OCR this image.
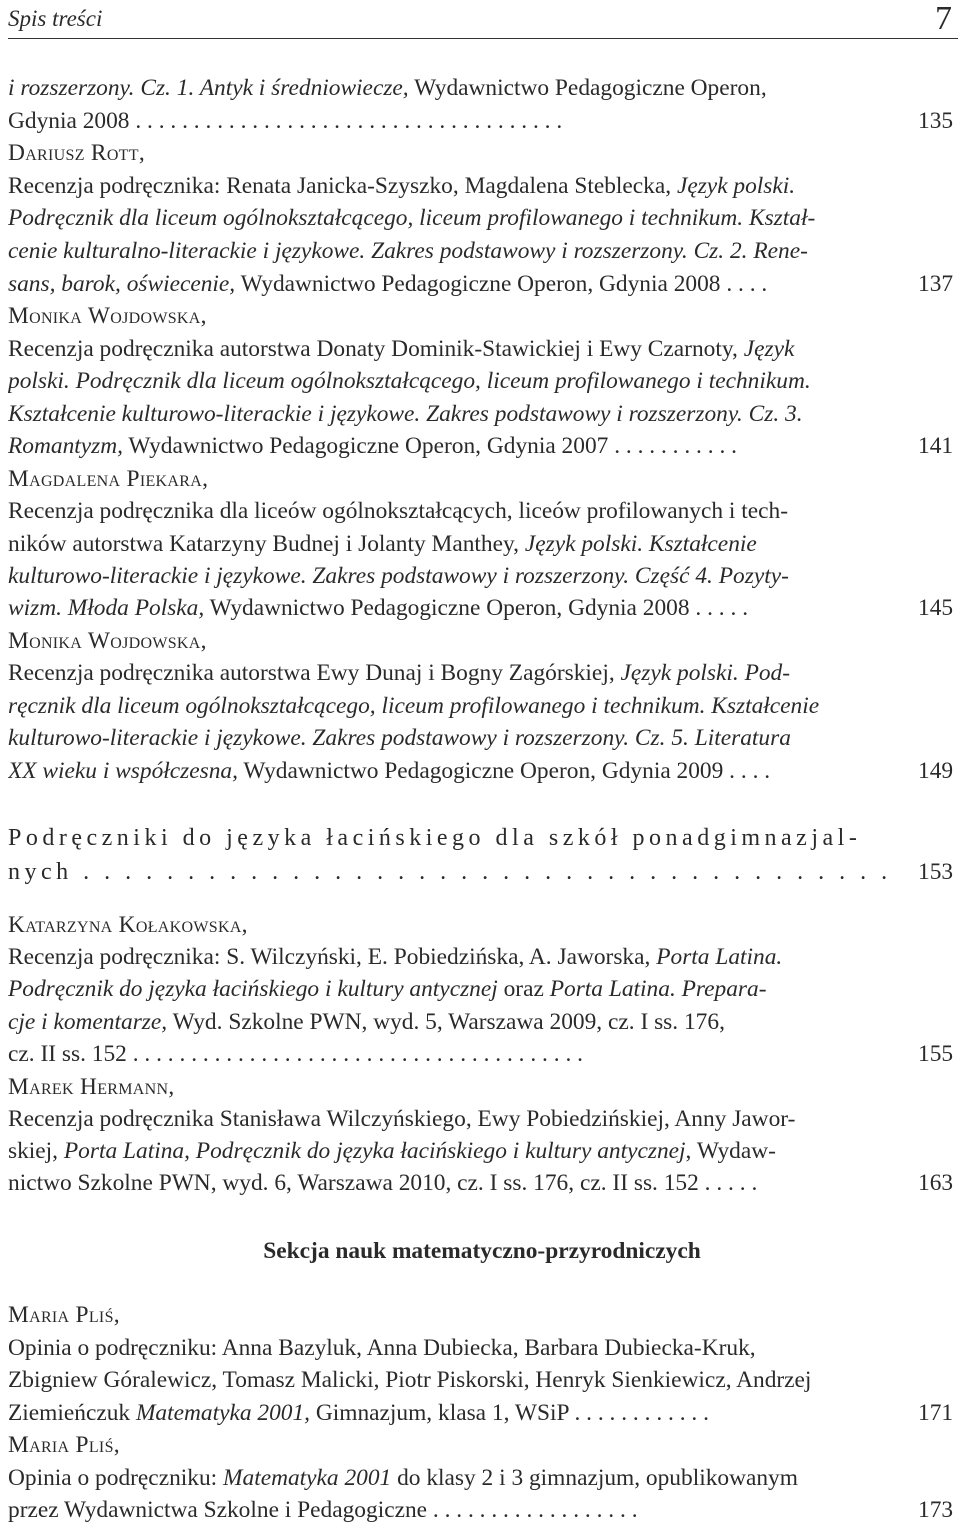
Spis treści	7
i rozszerzony. Cz. 1. Antyk i średniowiecze, Wydawnictwo Pedagogiczne Operon,
Gdynia 2008 . . . . . . . . . . . . . . . . . . . . . . . . . . . . . . . . . . . . .	135
Dariusz Rott,
Recenzja podręcznika: Renata Janicka-Szyszko, Magdalena Steblecka, Język polski.
Podręcznik dla liceum ogólnokształcącego, liceum profilowanego i technikum. Kształ-
cenie kulturalno-literackie i językowe. Zakres podstawowy i rozszerzony. Cz. 2. Rene-
sans, barok, oświecenie, Wydawnictwo Pedagogiczne Operon, Gdynia 2008 . . . .	137
Monika Wojdowska,
Recenzja podręcznika autorstwa Donaty Dominik-Stawickiej i Ewy Czarnoty, Język
polski. Podręcznik dla liceum ogólnokształcącego, liceum profilowanego i technikum.
Kształcenie kulturowo-literackie i językowe. Zakres podstawowy i rozszerzony. Cz. 3.
Romantyzm, Wydawnictwo Pedagogiczne Operon, Gdynia 2007 . . . . . . . . . . .	141
Magdalena Piekara,
Recenzja podręcznika dla liceów ogólnokształcących, liceów profilowanych i tech-
ników autorstwa Katarzyny Budnej i Jolanty Manthey, Język polski. Kształcenie
kulturowo-literackie i językowe. Zakres podstawowy i rozszerzony. Część 4. Pozyty-
wizm. Młoda Polska, Wydawnictwo Pedagogiczne Operon, Gdynia 2008 . . . . .	145
Monika Wojdowska,
Recenzja podręcznika autorstwa Ewy Dunaj i Bogny Zagórskiej, Język polski. Pod-
ręcznik dla liceum ogólnokształcącego, liceum profilowanego i technikum. Kształcenie
kulturowo-literackie i językowe. Zakres podstawowy i rozszerzony. Cz. 5. Literatura
XX wieku i współczesna, Wydawnictwo Pedagogiczne Operon, Gdynia 2009 . . . .	149
Podręczniki do języka łacińskiego dla szkół ponadgimnazjal-
nych . . . . . . . . . . . . . . . . . . . . . . . . . . . . . . . . . . . . . . . 153
Katarzyna Kołakowska,
Recenzja podręcznika: S. Wilczyński, E. Pobiedzińska, A. Jaworska, Porta Latina.
Podręcznik do języka łacińskiego i kultury antycznej oraz Porta Latina. Prepara-
cje i komentarze, Wyd. Szkolne PWN, wyd. 5, Warszawa 2009, cz. I ss. 176,
cz. II ss. 152 . . . . . . . . . . . . . . . . . . . . . . . . . . . . . . . . . . . . . . .	155
Marek Hermann,
Recenzja podręcznika Stanisława Wilczyńskiego, Ewy Pobiedzińskiej, Anny Jawor-
skiej, Porta Latina, Podręcznik do języka łacińskiego i kultury antycznej, Wydaw-
nictwo Szkolne PWN, wyd. 6, Warszawa 2010, cz. I ss. 176, cz. II ss. 152 . . . . .	163
Sekcja nauk matematyczno-przyrodniczych
Maria Pliś,
Opinia o podręczniku: Anna Bazyluk, Anna Dubiecka, Barbara Dubiecka-Kruk,
Zbigniew Góralewicz, Tomasz Malicki, Piotr Piskorski, Henryk Sienkiewicz, Andrzej
Ziemieńczuk Matematyka 2001, Gimnazjum, klasa 1, WSiP . . . . . . . . . . . .	171
Maria Pliś,
Opinia o podręczniku: Matematyka 2001 do klasy 2 i 3 gimnazjum, opublikowanym
przez Wydawnictwa Szkolne i Pedagogiczne . . . . . . . . . . . . . . . . . .	173
